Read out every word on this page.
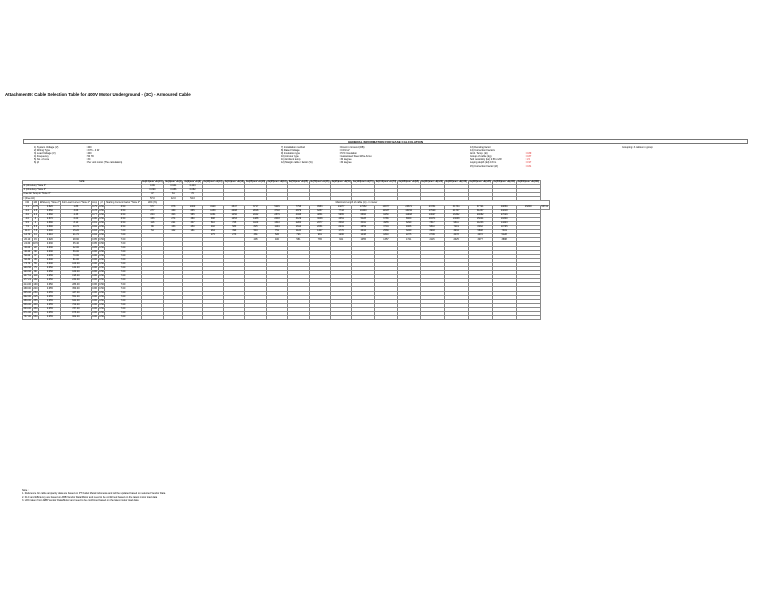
Attachment9: Cable Selection Table for 400V Motor Underground - (3C) - Armoured Cable
GENERAL INFORMATION FOR BASE CALCULATION
1) System Voltage (V)	: 400
2) Wiring Type	: 3 Ph - 4 W
3) Load Voltage (V)	: 400
4) Frequency	: 50 Hz
5) No. of core	: 3C
6) pf	: Per unit motor (The calculation)
7) Installation method	: Direct in Ground (DB)
8) Rated Voltage	: 0.6/1 kV
9) Insulation type	: PVC Insulation
10) Armour type	: Galvanised Steel Wire Armo
11) Ambient temp	: 30 degree
12) Margin cable / factor (%)	: 30 degree
13) Derating factor
14) Correction Factors
Amb. Temp. (kt)	: 0.89
Group of cable (kg)	: 0.87
Soil resistivity (ks) 2.5K.m/W	: 1.5
Laying depth (kd) 0.8 m	: 0.97
15) Correction Factor (kf)	: 0.81
Grouping: 3 cables in group
SIZE							3x(2.5)mm²+E(2.5)	3x(4)mm²+E(4)	3x(6)mm²+E(6)	3x(10)mm²+E(10)	3x(16)mm²+E(16)	3x(25)mm²+E(16)	3x(35)mm²+E(16)	3x(50)mm²+E(25)	3x(70)mm²+E(35)	3x(95)mm²+E(50)	3x(120)mm²+E(70)	3x(150)mm²+E(70)	3x(185)mm²+E(95)	3x(240)mm²+E(120)	3x(300)mm²+E(150)	3x(400)mm²+E(185)	3x(500)mm²+E(240)	3x(630)mm²+E(300)	
R (Ohm/km) *Note 3*							0.99	0.641	0.443																
X (Ohm/km) *Note 3*							0.090	0.086	0.082																
Free Air Temp in *Note 3*							47	61	76																
I (Free Air)							57.0	42.0	52.0																
kW	kW	Efficiency *Note 2*	Full Load Current *Note 2*	Amp	pf	Starting Current Factor *Note 2*	LRC (%)	Maximum length of cable (m) - in meter																	
1.1	0.75	0.820	1.86	0.75	0.50	6.50	577	878	1000	1920	2647	3717	5245	7758	9583	13277	17052	19377	23871	27251	31734	37721	40869	45838	56741
2.2	1.5	0.850	3.06	0.78	0.50	6.50	277	460	665	1159	2008	2818	3718	4879	6257	7743	10440	11637	16152	17620	21747	31237	43218		
3.0	2.2	0.860	4.35	0.77	0.50	6.50	204	303	585	1061	1450	2042	2879	4038	4851	5965	6666	9450	11998	14627	16362	20082	27029		
4.0	3	0.870	6.00	0.80	0.50	6.50	156	274	380	698	1053	1488	2093	3129	3638	4351	5128	6786	8660	10471	13068	15041	19300		
5.5	4	0.880	8.10	0.81	0.50	6.50	116	221	337	510	765	1100	1543	2284	2677	3363	3911	4955	6290	7817	9611	11233	14423		
7.5	5.5	0.890	10.70	0.82	0.50	6.50	86	153	250	402	583	825	1104	1614	2051	2431	2959	3704	4666	5810	7219	8462	10795		
11.0	7.5	0.900	15.20	0.83	0.50	7.00	54	102	181	264	393	543	751	1124	1407	1770	2044	2569	3240	3993	4934	5808	7319		
14.70	11	0.910	21.70	0.84	0.50	7.00				175	273	381	526	796	981	1200	1438	1810	2275	2799	3478	4072	5128		
20.10	15	0.920	28.90	0.85	0.50	7.00						295	400	581	765	941	1055	1357	1721	2115	2625	3077	3888		
24.60	18.5	0.930	35.40	0.85	0.50	7.00																			
30.00	22	0.930	42.00	0.85	0.50	7.00																			
40.20	30	0.930	56.00	0.86	0.50	7.00																			
50.00	37	0.935	70.00	0.86	0.50	7.00																			
60.30	45	0.940	81.00	0.86	0.50	7.00																			
73.70	55	0.940	100.00	0.86	0.50	7.00																			
100.50	75	0.950	134.00	0.86	0.50	7.00																			
120.60	90	0.950	160.00	0.86	0.50	7.00																			
147.51	110	0.950	195.00	0.86	0.50	7.00																			
177.21	132	0.950	234.00	0.86	0.50	7.00																			
214.00	160	0.950	283.00	0.86	0.50	7.00																			
268.00	200	0.955	350.00	0.86	0.50	7.00																			
335.00	250	0.955	437.00	0.86	0.50	7.00																			
422.00	315	0.955	551.00	0.86	0.50	7.00																			
469.00	355	0.955	621.00	0.86	0.50	7.00																			
536.00	400	0.955	700.00	0.86	0.50	7.00																			
603.00	450	0.955	787.00	0.86	0.50	7.00																			
671.00	500	0.955	875.00	0.86	0.50	7.00																			
737.00	550	0.955	962.00	0.86	0.50	7.00																			
Note :
1. Reference for cable ampacity data are based on PT Kabel Metal Indonesia and will be updated based on selected Vendor Data
2. FLC and Efficiency are based on ABB Vendor Data/Motor and need to be confirmed based on the latest motor load data
3. LRC taken from ABB Vendor Data/Motor and need to be confirmed based on the latest motor load data
